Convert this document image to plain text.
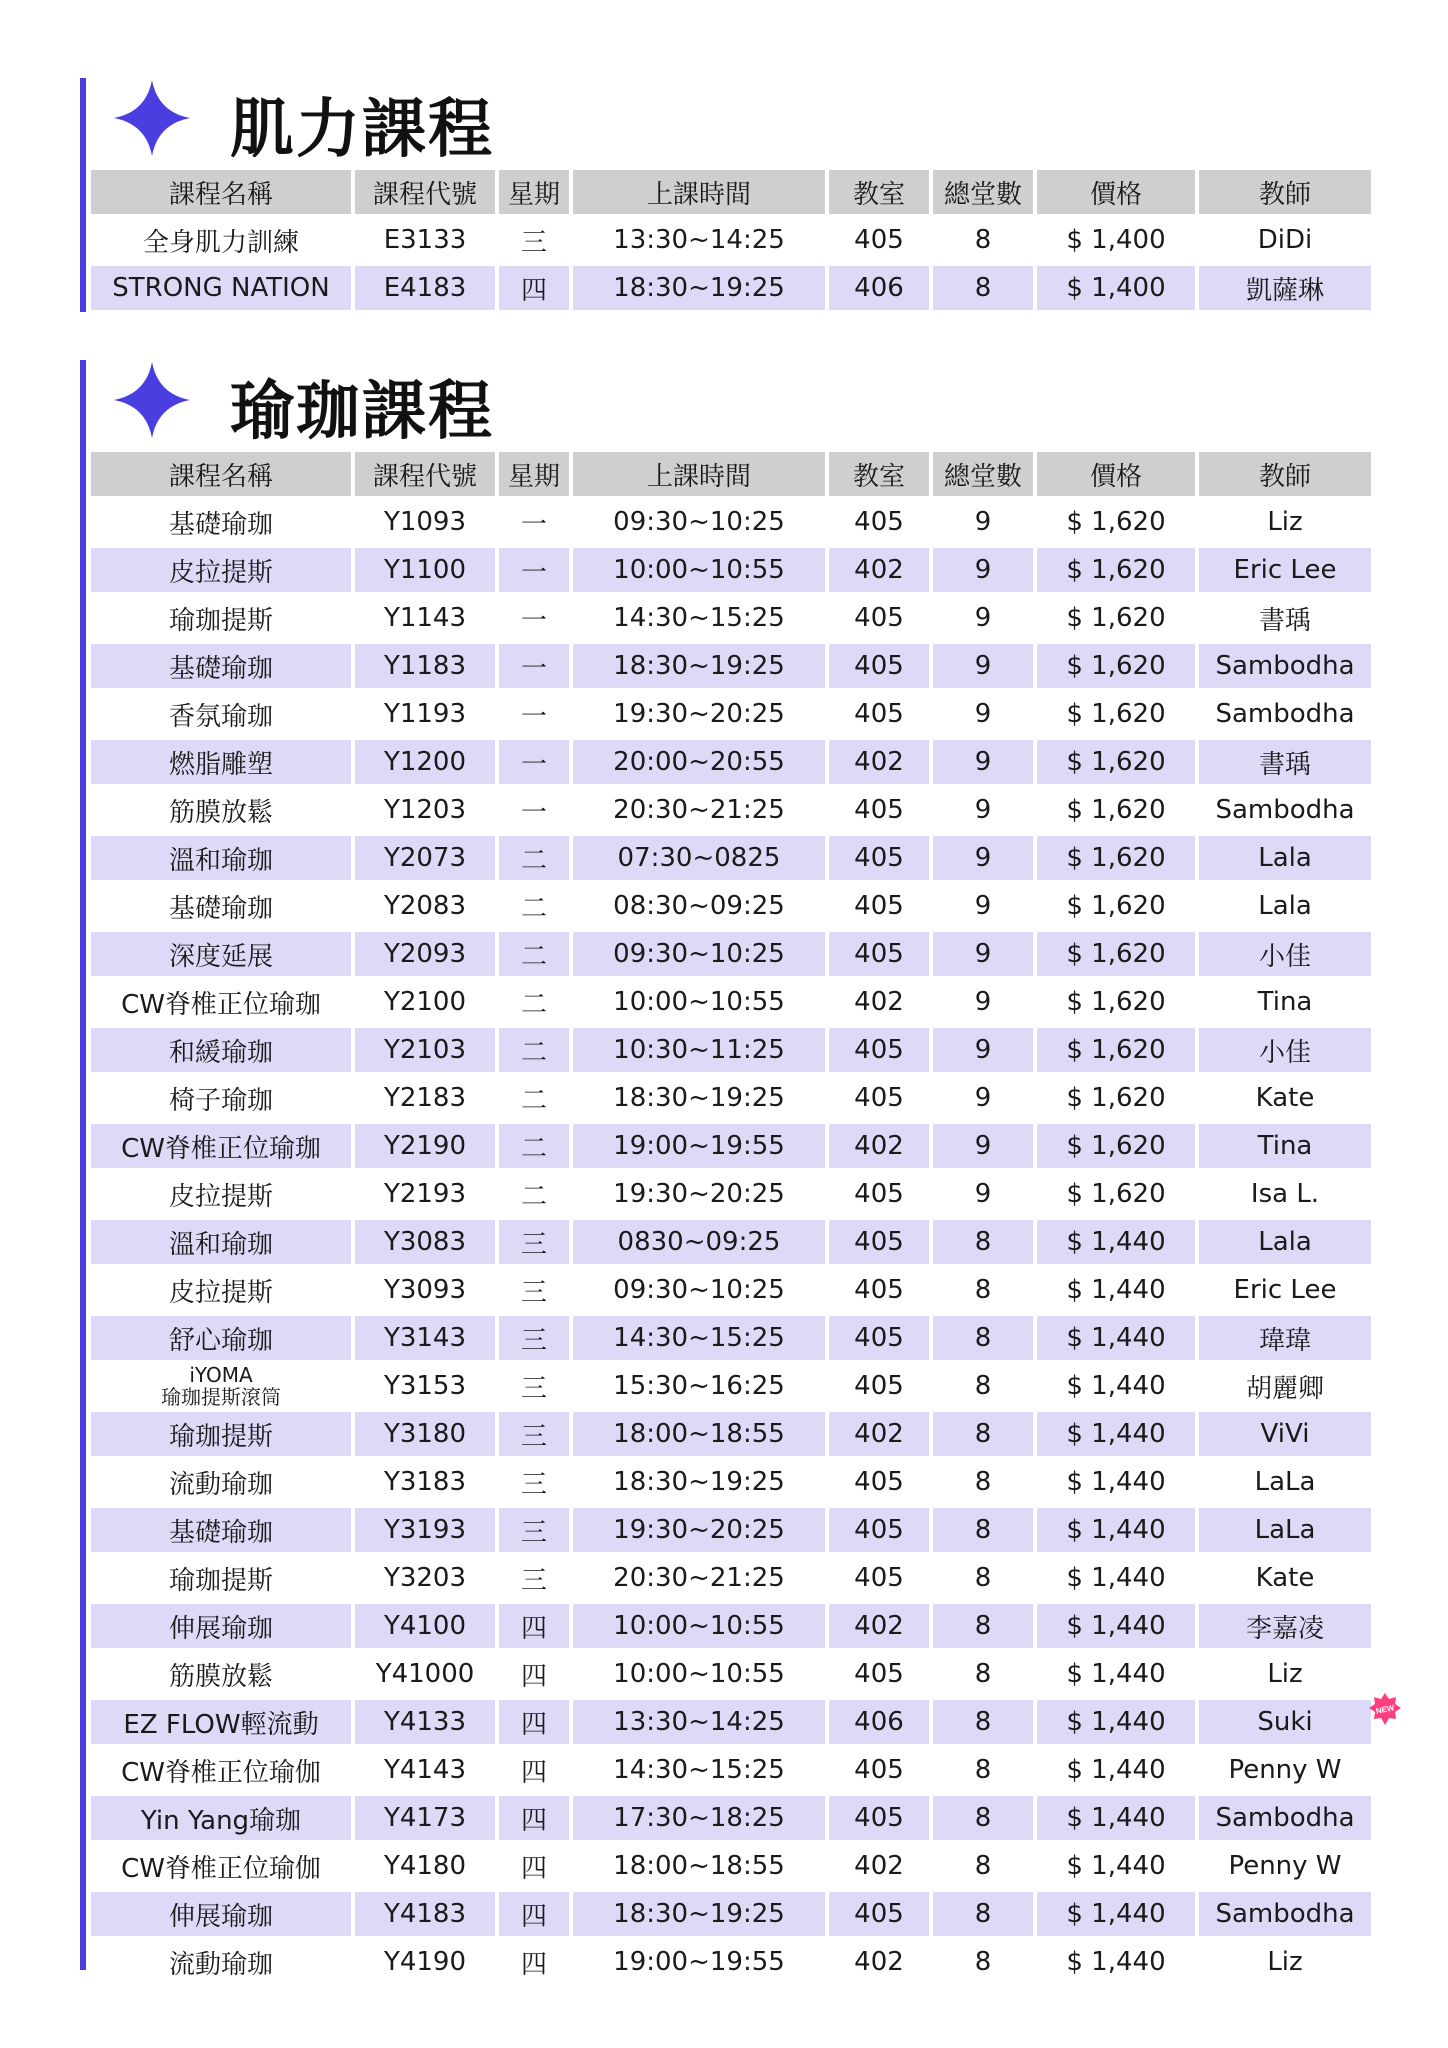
肌力課程
課程名稱	課程代號	星期	上課時間	教室	總堂數	價格	教師
全身肌力訓練	E3133	三	13:30~14:25	405	8	$ 1,400	DiDi
STRONG NATION	E4183	四	18:30~19:25	406	8	$ 1,400	凱薩琳
瑜珈課程
課程名稱	課程代號	星期	上課時間	教室	總堂數	價格	教師
基礎瑜珈	Y1093	一	09:30~10:25	405	9	$ 1,620	Liz
皮拉提斯	Y1100	一	10:00~10:55	402	9	$ 1,620	Eric Lee
瑜珈提斯	Y1143	一	14:30~15:25	405	9	$ 1,620	書瑀
基礎瑜珈	Y1183	一	18:30~19:25	405	9	$ 1,620	Sambodha
香氛瑜珈	Y1193	一	19:30~20:25	405	9	$ 1,620	Sambodha
燃脂雕塑	Y1200	一	20:00~20:55	402	9	$ 1,620	書瑀
筋膜放鬆	Y1203	一	20:30~21:25	405	9	$ 1,620	Sambodha
溫和瑜珈	Y2073	二	07:30~0825	405	9	$ 1,620	Lala
基礎瑜珈	Y2083	二	08:30~09:25	405	9	$ 1,620	Lala
深度延展	Y2093	二	09:30~10:25	405	9	$ 1,620	小佳
CW脊椎正位瑜珈	Y2100	二	10:00~10:55	402	9	$ 1,620	Tina
和緩瑜珈	Y2103	二	10:30~11:25	405	9	$ 1,620	小佳
椅子瑜珈	Y2183	二	18:30~19:25	405	9	$ 1,620	Kate
CW脊椎正位瑜珈	Y2190	二	19:00~19:55	402	9	$ 1,620	Tina
皮拉提斯	Y2193	二	19:30~20:25	405	9	$ 1,620	Isa L.
溫和瑜珈	Y3083	三	0830~09:25	405	8	$ 1,440	Lala
皮拉提斯	Y3093	三	09:30~10:25	405	8	$ 1,440	Eric Lee
舒心瑜珈	Y3143	三	14:30~15:25	405	8	$ 1,440	瑋瑋
iYOMA
瑜珈提斯滾筒	Y3153	三	15:30~16:25	405	8	$ 1,440	胡麗卿
瑜珈提斯	Y3180	三	18:00~18:55	402	8	$ 1,440	ViVi
流動瑜珈	Y3183	三	18:30~19:25	405	8	$ 1,440	LaLa
基礎瑜珈	Y3193	三	19:30~20:25	405	8	$ 1,440	LaLa
瑜珈提斯	Y3203	三	20:30~21:25	405	8	$ 1,440	Kate
伸展瑜珈	Y4100	四	10:00~10:55	402	8	$ 1,440	李嘉凌
筋膜放鬆	Y41000	四	10:00~10:55	405	8	$ 1,440	Liz
EZ FLOW輕流動	Y4133	四	13:30~14:25	406	8	$ 1,440	Suki
CW脊椎正位瑜伽	Y4143	四	14:30~15:25	405	8	$ 1,440	Penny W
Yin Yang瑜珈	Y4173	四	17:30~18:25	405	8	$ 1,440	Sambodha
CW脊椎正位瑜伽	Y4180	四	18:00~18:55	402	8	$ 1,440	Penny W
伸展瑜珈	Y4183	四	18:30~19:25	405	8	$ 1,440	Sambodha
流動瑜珈	Y4190	四	19:00~19:55	402	8	$ 1,440	Liz
NEW
